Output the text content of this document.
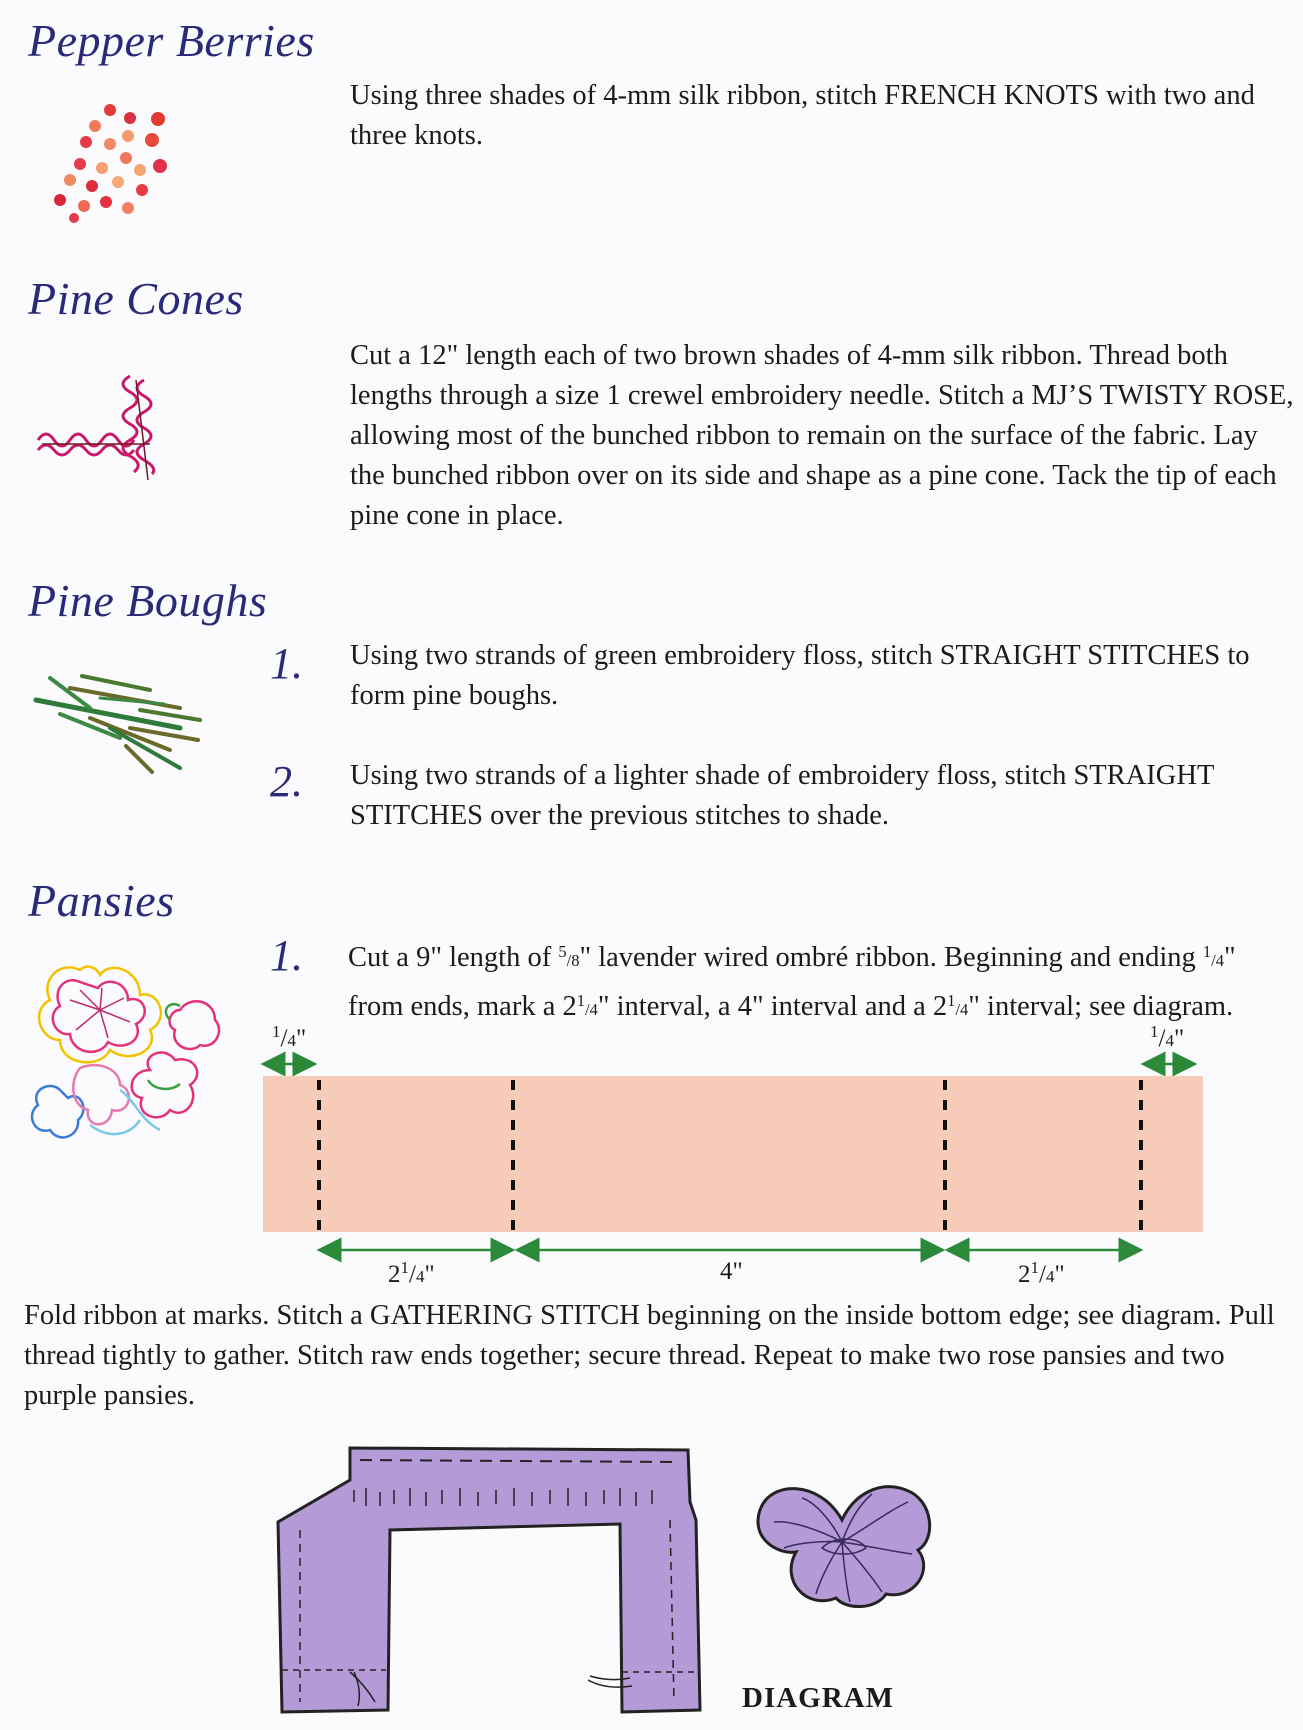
Pepper Berries

Using three shades of 4-mm silk ribbon, stitch FRENCH KNOTS with two and three knots.

Pine Cones

Cut a 12" length each of two brown shades of 4-mm silk ribbon. Thread both lengths through a size 1 crewel embroidery needle. Stitch a MJ’S TWISTY ROSE, allowing most of the bunched ribbon to remain on the surface of the fabric. Lay the bunched ribbon over on its side and shape as a pine cone. Tack the tip of each pine cone in place.

Pine Boughs

1. Using two strands of green embroidery floss, stitch STRAIGHT STITCHES to form pine boughs.

2. Using two strands of a lighter shade of embroidery floss, stitch STRAIGHT STITCHES over the previous stitches to shade.

Pansies

1. Cut a 9" length of $^5$/8" lavender wired ombré ribbon. Beginning and ending $^1$/4" from ends, mark a $2^1/4$" interval, a 4" interval and a $2^1/4$" interval; see diagram.

$^1$/4"	$^1$/4"

$2^1/4$"	4"	$2^1/4$"

Fold ribbon at marks. Stitch a GATHERING STITCH beginning on the inside bottom edge; see diagram. Pull thread tightly to gather. Stitch raw ends together; secure thread. Repeat to make two rose pansies and two purple pansies.

DIAGRAM
